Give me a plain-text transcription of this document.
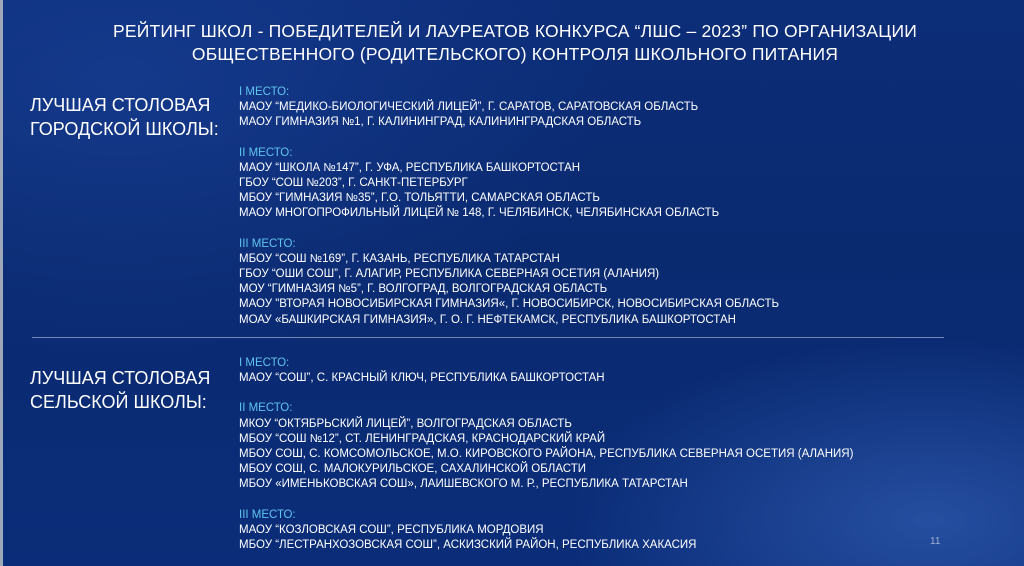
РЕЙТИНГ ШКОЛ - ПОБЕДИТЕЛЕЙ И ЛАУРЕАТОВ КОНКУРСА “ЛШС – 2023” ПО ОРГАНИЗАЦИИ
ОБЩЕСТВЕННОГО (РОДИТЕЛЬСКОГО) КОНТРОЛЯ ШКОЛЬНОГО ПИТАНИЯ
ЛУЧШАЯ СТОЛОВАЯ
ГОРОДСКОЙ ШКОЛЫ:
I МЕСТО:
МАОУ “МЕДИКО-БИОЛОГИЧЕСКИЙ ЛИЦЕЙ”, Г. САРАТОВ, САРАТОВСКАЯ ОБЛАСТЬ
МАОУ ГИМНАЗИЯ №1, Г. КАЛИНИНГРАД, КАЛИНИНГРАДСКАЯ ОБЛАСТЬ
II МЕСТО:
МАОУ “ШКОЛА №147”, Г. УФА, РЕСПУБЛИКА БАШКОРТОСТАН
ГБОУ “СОШ №203”, Г. САНКТ-ПЕТЕРБУРГ
МБОУ “ГИМНАЗИЯ №35”, Г.О. ТОЛЬЯТТИ, САМАРСКАЯ ОБЛАСТЬ
МАОУ МНОГОПРОФИЛЬНЫЙ ЛИЦЕЙ № 148, Г. ЧЕЛЯБИНСК, ЧЕЛЯБИНСКАЯ ОБЛАСТЬ
III МЕСТО:
МБОУ “СОШ №169”, Г. КАЗАНЬ, РЕСПУБЛИКА ТАТАРСТАН
ГБОУ “ОШИ СОШ”, Г. АЛАГИР, РЕСПУБЛИКА СЕВЕРНАЯ ОСЕТИЯ (АЛАНИЯ)
МОУ “ГИМНАЗИЯ №5”, Г. ВОЛГОГРАД, ВОЛГОГРАДСКАЯ ОБЛАСТЬ
МАОУ "ВТОРАЯ НОВОСИБИРСКАЯ ГИМНАЗИЯ«, Г. НОВОСИБИРСК, НОВОСИБИРСКАЯ ОБЛАСТЬ
МОАУ «БАШКИРСКАЯ ГИМНАЗИЯ», Г. О. Г. НЕФТЕКАМСК, РЕСПУБЛИКА БАШКОРТОСТАН
ЛУЧШАЯ СТОЛОВАЯ
СЕЛЬСКОЙ ШКОЛЫ:
I МЕСТО:
МАОУ “СОШ”, С. КРАСНЫЙ КЛЮЧ, РЕСПУБЛИКА БАШКОРТОСТАН
II МЕСТО:
МКОУ “ОКТЯБРЬСКИЙ ЛИЦЕЙ”, ВОЛГОГРАДСКАЯ ОБЛАСТЬ
МБОУ “СОШ №12”, СТ. ЛЕНИНГРАДСКАЯ, КРАСНОДАРСКИЙ КРАЙ
МБОУ СОШ, С. КОМСОМОЛЬСКОЕ, М.О. КИРОВСКОГО РАЙОНА, РЕСПУБЛИКА СЕВЕРНАЯ ОСЕТИЯ (АЛАНИЯ)
МБОУ СОШ, С. МАЛОКУРИЛЬСКОЕ, САХАЛИНСКОЙ ОБЛАСТИ
МБОУ «ИМЕНЬКОВСКАЯ СОШ», ЛАИШЕВСКОГО М. Р., РЕСПУБЛИКА ТАТАРСТАН
III МЕСТО:
МАОУ “КОЗЛОВСКАЯ СОШ”, РЕСПУБЛИКА МОРДОВИЯ
МБОУ “ЛЕСТРАНХОЗОВСКАЯ СОШ”, АСКИЗСКИЙ РАЙОН, РЕСПУБЛИКА ХАКАСИЯ	11
